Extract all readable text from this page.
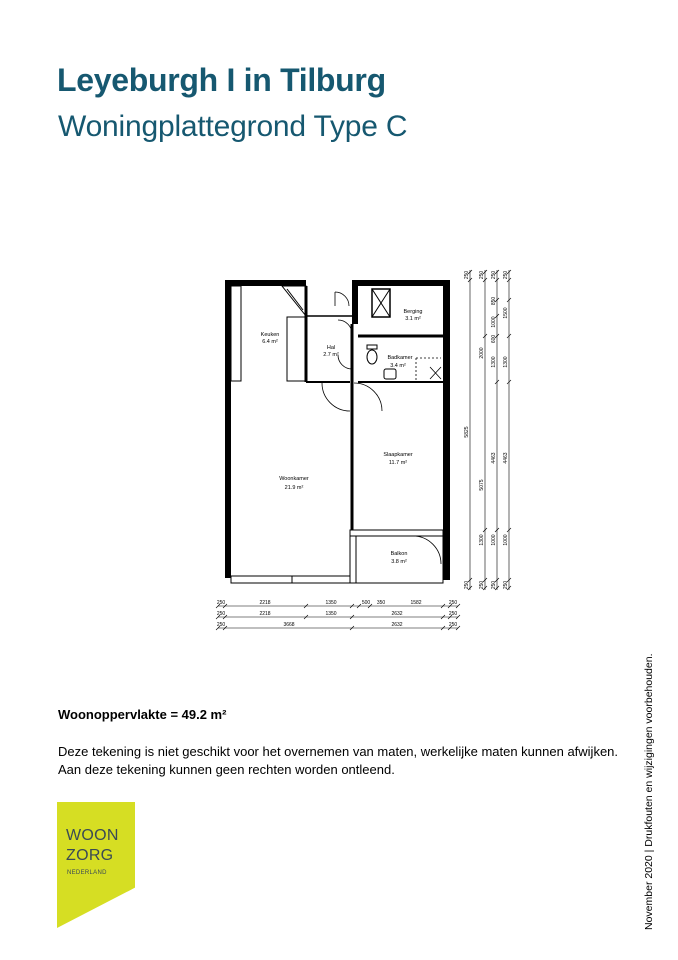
Leyeburgh I in Tilburg
Woningplattegrond Type C
Keuken
6.4 m²
Hal
2.7 m²
Berging
3.1 m²
Badkamer
3.4 m²
Woonkamer
21.9 m²
Slaapkamer
11.7 m²
Balkon
3.8 m²
250	2218	1350	500 350	1582	250
250	2218	1350	2632	250
250	3668	2632	250
250
5825
250
250
2000
5075
1300
250
250
850
1000
600
1300
4463
1000
250
250
1500
1300
4463
1000
250
Woonoppervlakte = 49.2 m²
Deze tekening is niet geschikt voor het overnemen van maten, werkelijke maten kunnen afwijken. Aan deze tekening kunnen geen rechten worden ontleend.
WOON
ZORG
NEDERLAND	November 2020 | Drukfouten en wijzigingen voorbehouden.
